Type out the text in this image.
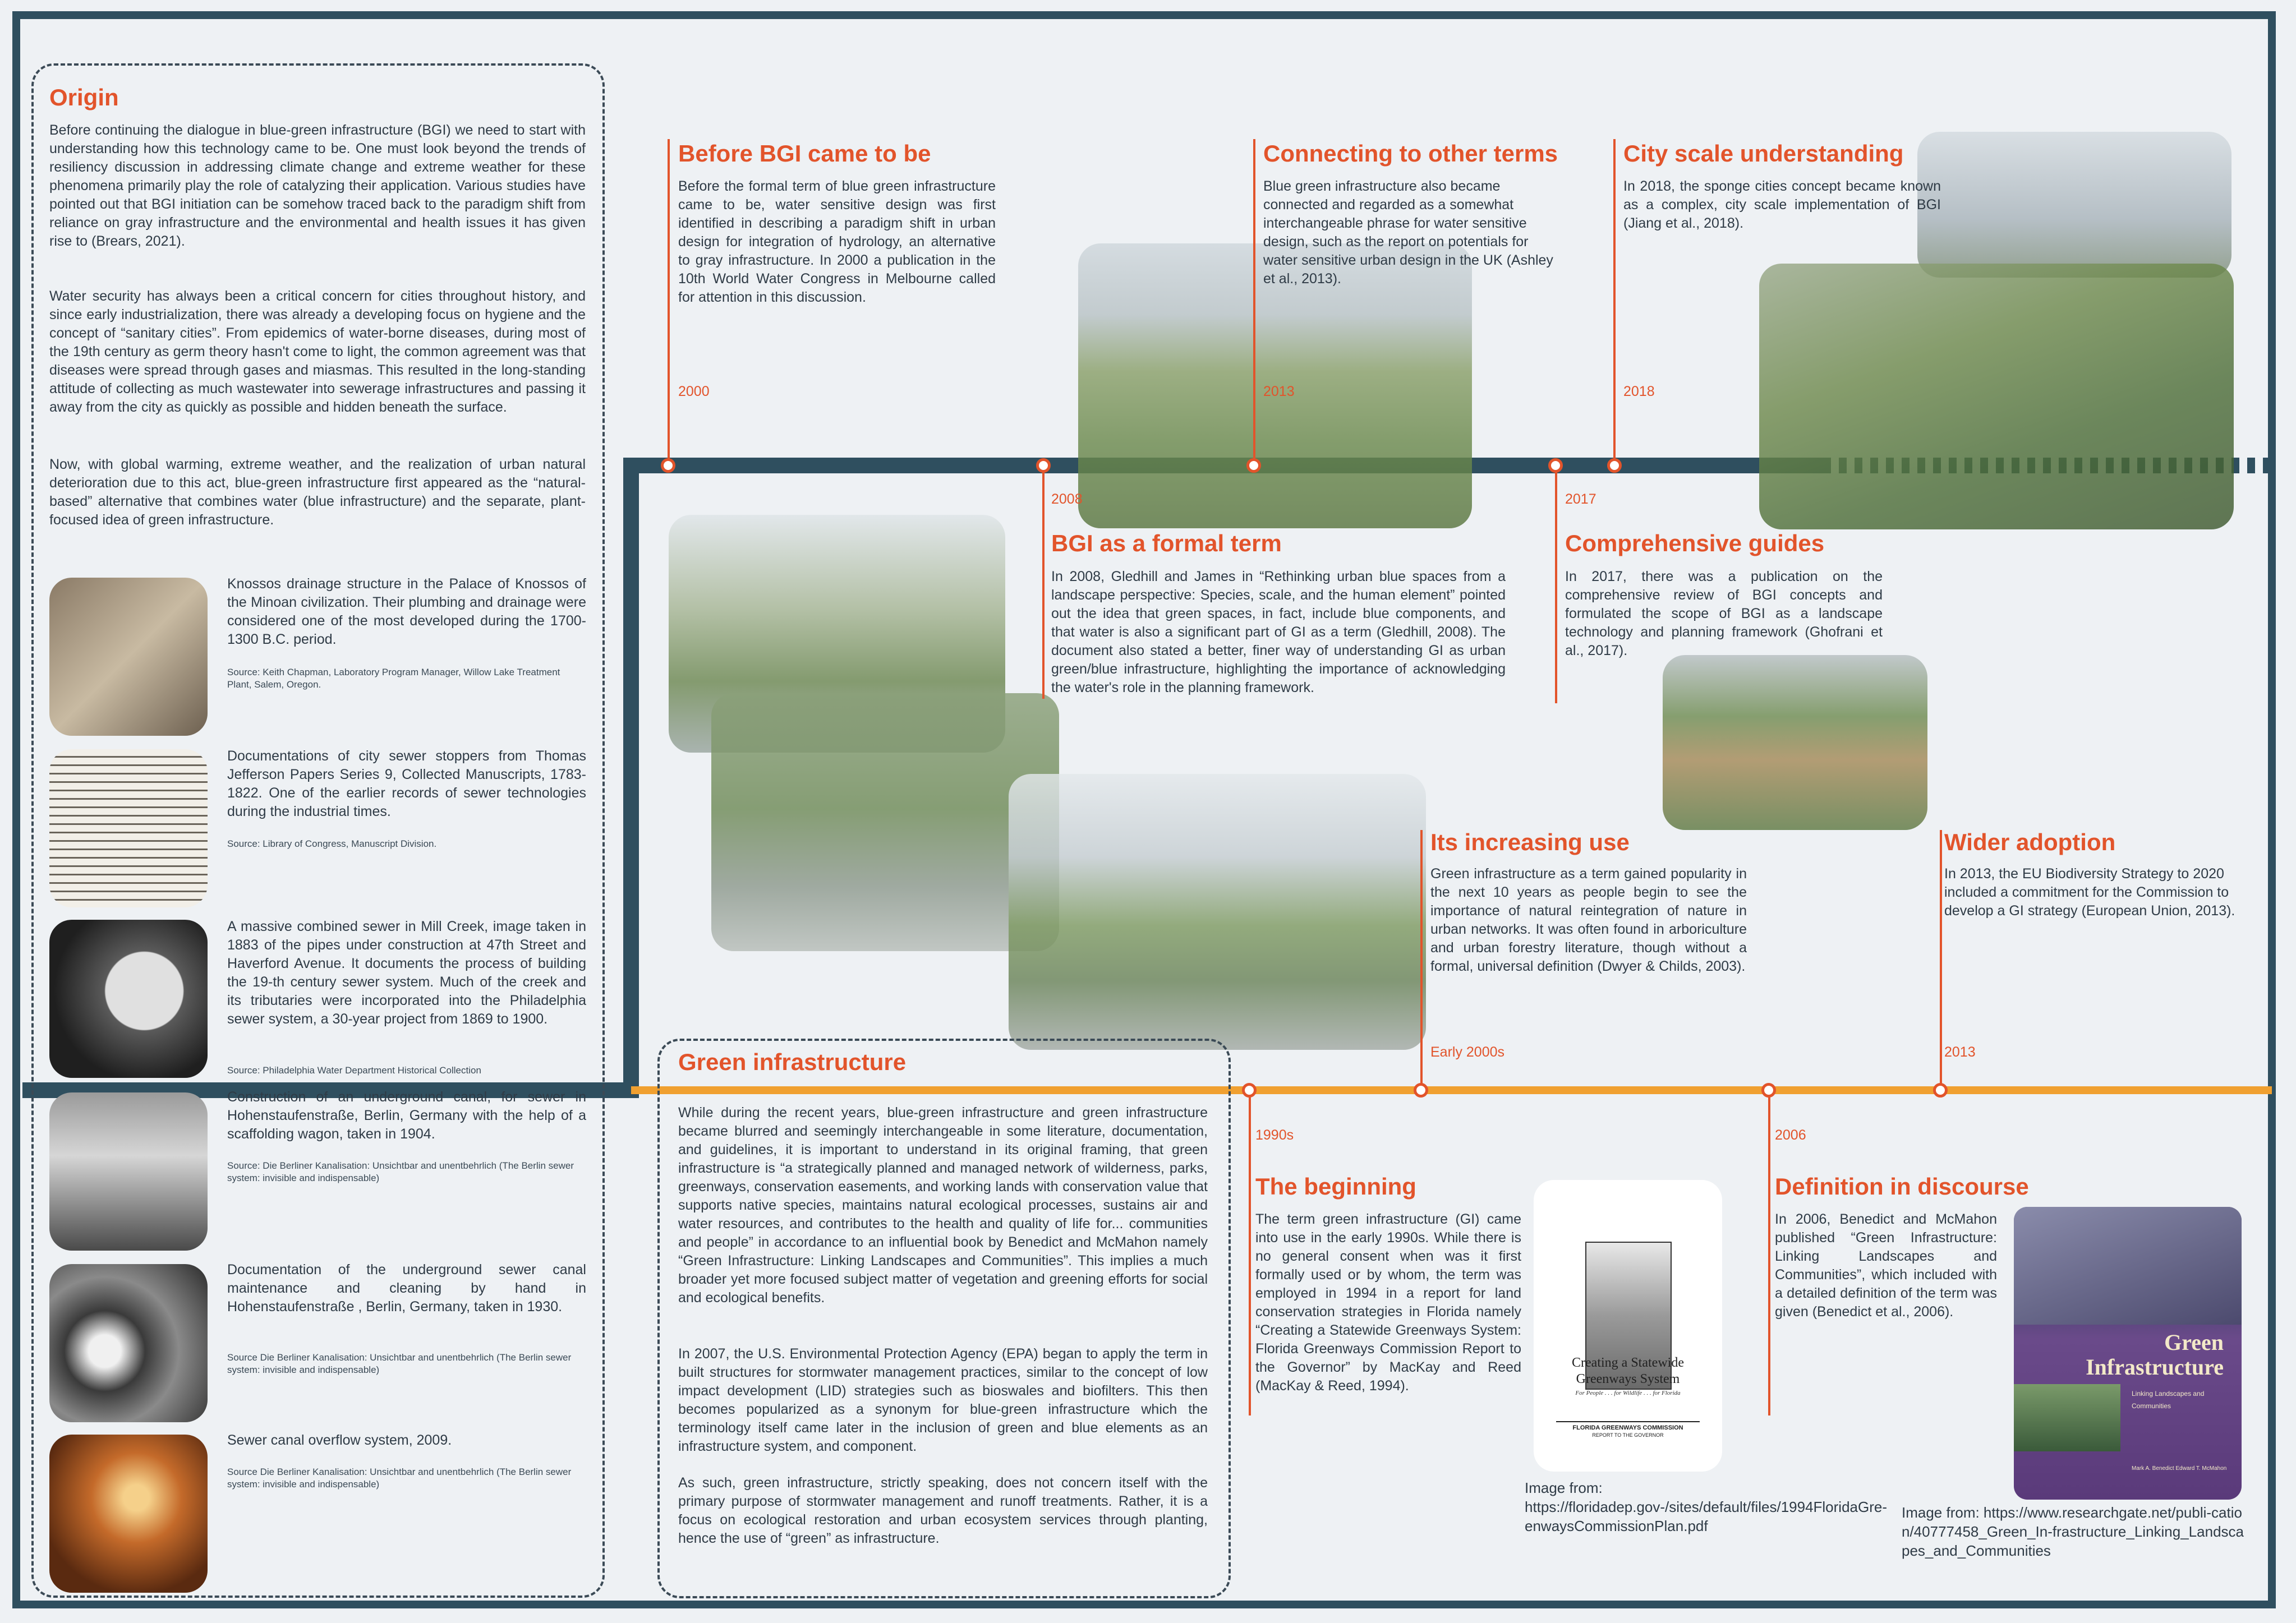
Origin

Before continuing the dialogue in blue-green infrastructure (BGI) we need to start with understanding how this technology came to be. One must look beyond the trends of resiliency discussion in addressing climate change and extreme weather for these phenomena primarily play the role of catalyzing their application. Various studies have pointed out that BGI initiation can be somehow traced back to the paradigm shift from reliance on gray infrastructure and the environmental and health issues it has given rise to (Brears, 2021).

Water security has always been a critical concern for cities throughout history, and since early industrialization, there was already a developing focus on hygiene and the concept of “sanitary cities”. From epidemics of water-borne diseases, during most of the 19th century as germ theory hasn't come to light, the common agreement was that diseases were spread through gases and miasmas. This resulted in the long-standing attitude of collecting as much wastewater into sewerage infrastructures and passing it away from the city as quickly as possible and hidden beneath the surface.

Now, with global warming, extreme weather, and the realization of urban natural deterioration due to this act, blue-green infrastructure first appeared as the “natural-based” alternative that combines water (blue infrastructure) and the separate, plant-focused idea of green infrastructure.

Knossos drainage structure in the Palace of Knossos of the Minoan civilization. Their plumbing and drainage were considered one of the most developed during the 1700-1300 B.C. period.

Source: Keith Chapman, Laboratory Program Manager, Willow Lake Treatment Plant, Salem, Oregon.

Documentations of city sewer stoppers from Thomas Jefferson Papers Series 9, Collected Manuscripts, 1783-1822. One of the earlier records of sewer technologies during the industrial times.

Source: Library of Congress, Manuscript Division.

A massive combined sewer in Mill Creek, image taken in 1883 of the pipes under construction at 47th Street and Haverford Avenue. It documents the process of building the 19-th century sewer system. Much of the creek and its tributaries were incorporated into the Philadelphia sewer system, a 30-year project from 1869 to 1900.

Source: Philadelphia Water Department Historical Collection

Construction of an underground canal, for sewer in Hohenstaufenstraße, Berlin, Germany with the help of a scaffolding wagon, taken in 1904.

Source: Die Berliner Kanalisation: Unsichtbar and unentbehrlich (The Berlin sewer system: invisible and indispensable)

Documentation of the underground sewer canal maintenance and cleaning by hand in Hohenstaufenstraße , Berlin, Germany, taken in 1930.

Source Die Berliner Kanalisation: Unsichtbar and unentbehrlich (The Berlin sewer system: invisible and indispensable)

Sewer canal overflow system, 2009.

Source Die Berliner Kanalisation: Unsichtbar and unentbehrlich (The Berlin sewer system: invisible and indispensable)

Before BGI came to be

Before the formal term of blue green infrastructure came to be, water sensitive design was first identified in describing a paradigm shift in urban design for integration of hydrology, an alternative to gray infrastructure. In 2000 a publication in the 10th World Water Congress in Melbourne called for attention in this discussion.

2000
Connecting to other terms

Blue green infrastructure also became connected and regarded as a somewhat interchangeable phrase for water sensitive design, such as the report on potentials for water sensitive urban design in the UK (Ashley et al., 2013).

2013
City scale understanding

In 2018, the sponge cities concept became known as a complex, city scale implementation of BGI (Jiang et al., 2018).

2018
2008
BGI as a formal term

In 2008, Gledhill and James in “Rethinking urban blue spaces from a landscape perspective: Species, scale, and the human element” pointed out the idea that green spaces, in fact, include blue components, and that water is also a significant part of GI as a term (Gledhill, 2008). The document also stated a better, finer way of understanding GI as urban green/blue infrastructure, highlighting the importance of acknowledging the water's role in the planning framework.

2017
Comprehensive guides

In 2017, there was a publication on the comprehensive review of BGI concepts and formulated the scope of BGI as a landscape technology and planning framework (Ghofrani et al., 2017).

Its increasing use

Green infrastructure as a term gained popularity in the next 10 years as people begin to see the importance of natural reintegration of nature in urban networks. It was often found in arboriculture and urban forestry literature, though without a formal, universal definition (Dwyer & Childs, 2003).

Early 2000s
Wider adoption

In 2013, the EU Biodiversity Strategy to 2020 included a commitment for the Commission to develop a GI strategy (European Union, 2013).

2013
1990s
The beginning

The term green infrastructure (GI) came into use in the early 1990s. While there is no general consent when was it first formally used or by whom, the term was employed in 1994 in a report for land conservation strategies in Florida namely “Creating a Statewide Greenways System: Florida Greenways Commission Report to the Governor” by MacKay and Reed (MacKay & Reed, 1994).

2006
Definition in discourse

In 2006, Benedict and McMahon published “Green Infrastructure: Linking Landscapes and Communities”, which included with a detailed definition of the term was given (Benedict et al., 2006).

Green infrastructure

While during the recent years, blue-green infrastructure and green infrastructure became blurred and seemingly interchangeable in some literature, documentation, and guidelines, it is important to understand in its original framing, that green infrastructure is “a strategically planned and managed network of wilderness, parks, greenways, conservation easements, and working lands with conservation value that supports native species, maintains natural ecological processes, sustains air and water resources, and contributes to the health and quality of life for... communities and people” in accordance to an influential book by Benedict and McMahon namely “Green Infrastructure: Linking Landscapes and Communities”. This implies a much broader yet more focused subject matter of vegetation and greening efforts for social and ecological benefits.

In 2007, the U.S. Environmental Protection Agency (EPA) began to apply the term in built structures for stormwater management practices, similar to the concept of low impact development (LID) strategies such as bioswales and biofilters. This then becomes popularized as a synonym for blue-green infrastructure which the terminology itself came later in the inclusion of green and blue elements as an infrastructure system, and component.

As such, green infrastructure, strictly speaking, does not concern itself with the primary purpose of stormwater management and runoff treatments. Rather, it is a focus on ecological restoration and urban ecosystem services through planting, hence the use of “green” as infrastructure.

Creating a Statewide Greenways System
For People . . . for Wildlife . . . for Florida
FLORIDA GREENWAYS COMMISSION
REPORT TO THE GOVERNOR
Image from: https://floridadep.gov-/sites/default/files/1994FloridaGre-enwaysCommissionPlan.pdf
Green
Infrastructure
Linking Landscapes and Communities
Mark A. Benedict Edward T. McMahon
Image from: https://www.researchgate.net/publi-cation/40777458_Green_In-frastructure_Linking_Landscapes_and_Communities
